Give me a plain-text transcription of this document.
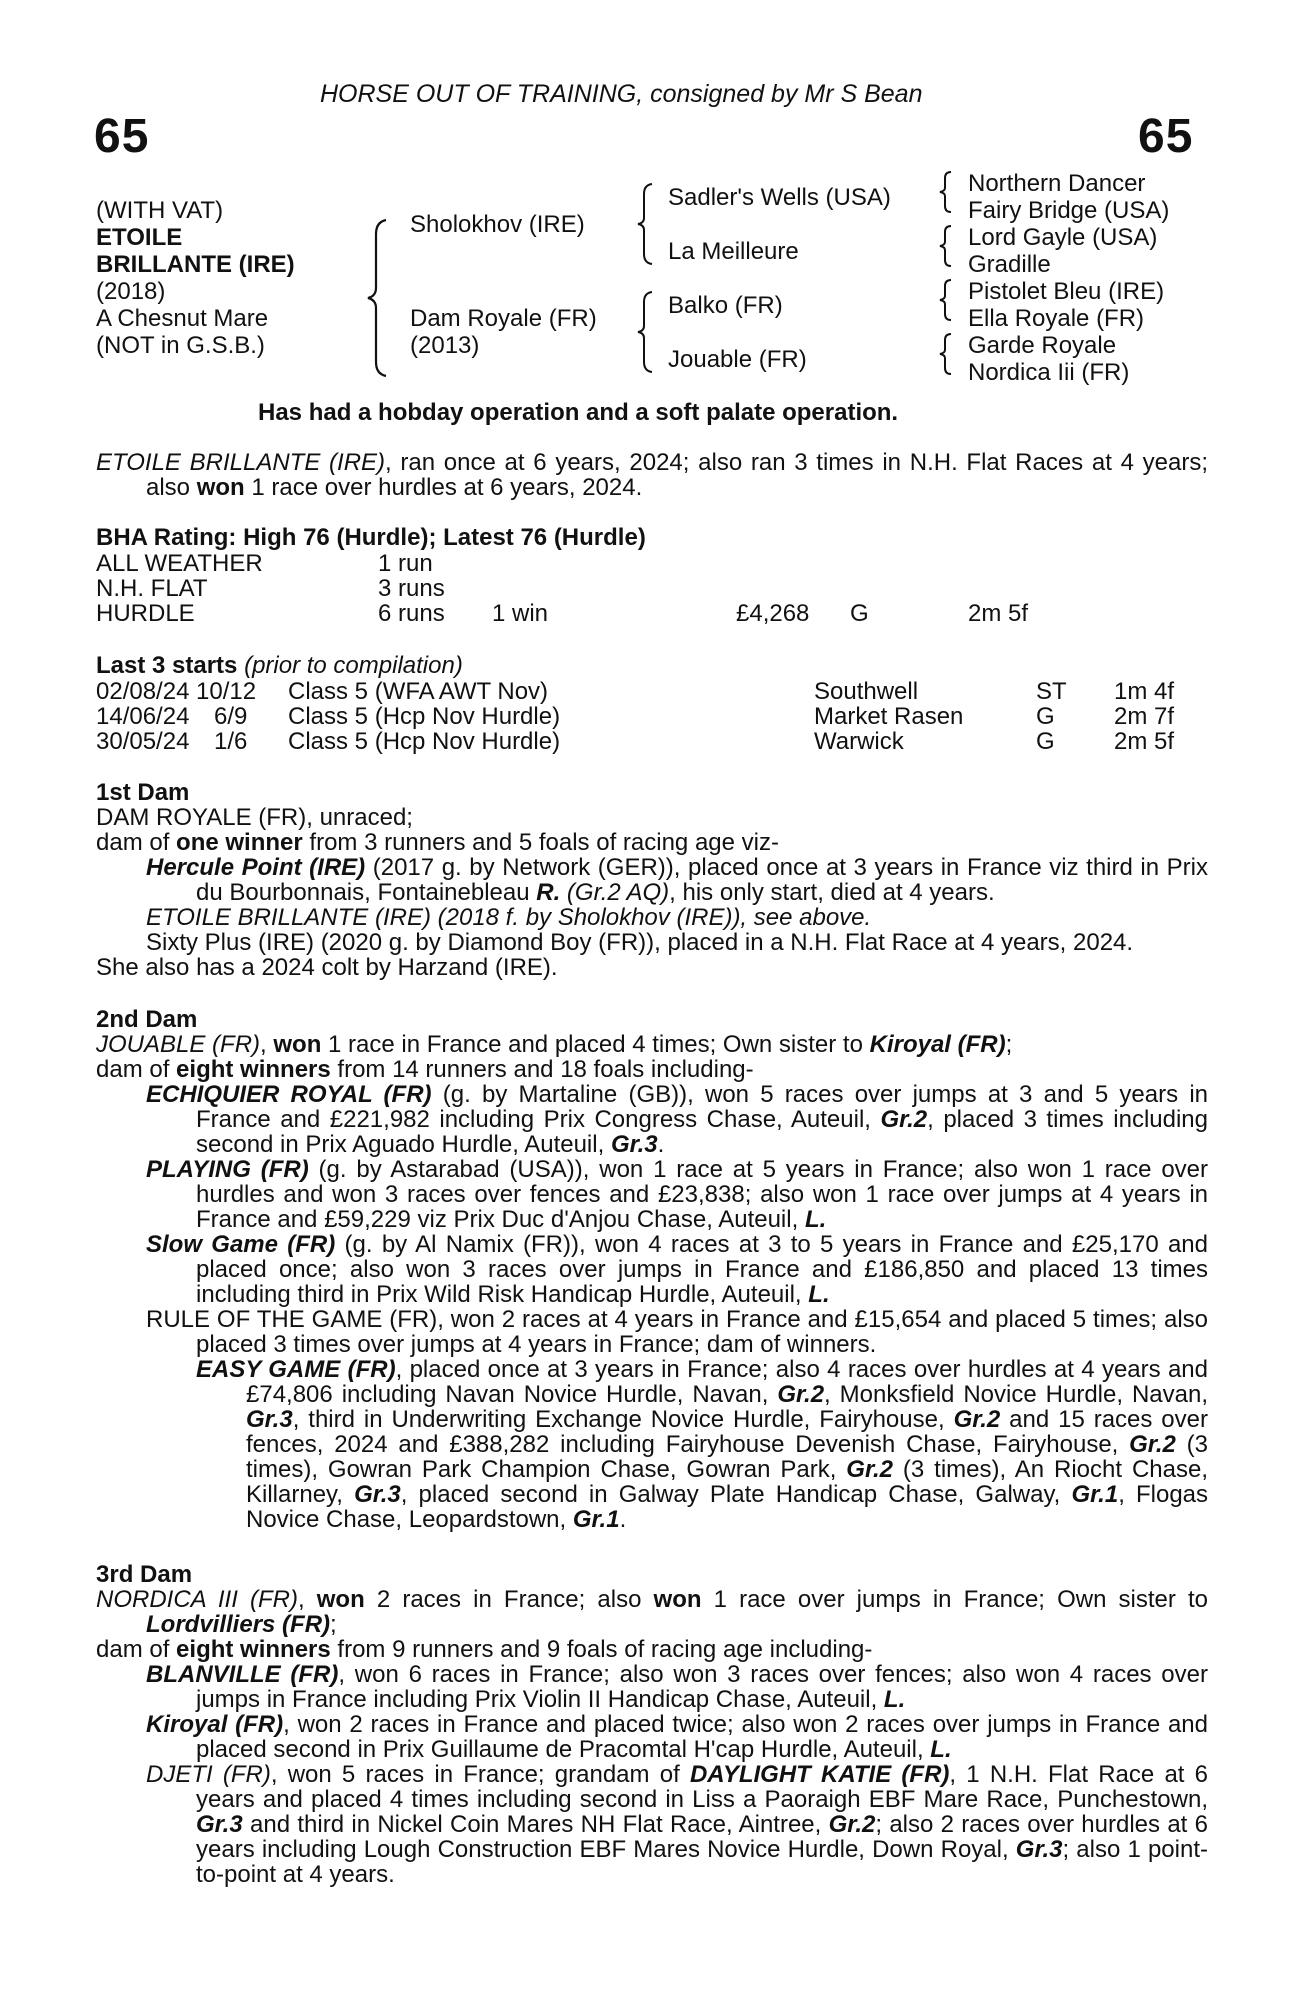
HORSE OUT OF TRAINING, consigned by Mr S Bean
65	65
(WITH VAT)
ETOILE
BRILLANTE (IRE)
(2018)
A Chesnut Mare
(NOT in G.S.B.)
Sholokhov (IRE)
Dam Royale (FR)
(2013)
Sadler's Wells (USA)
La Meilleure
Balko (FR)
Jouable (FR)
Northern Dancer
Fairy Bridge (USA)
Lord Gayle (USA)
Gradille
Pistolet Bleu (IRE)
Ella Royale (FR)
Garde Royale
Nordica Iii (FR)
Has had a hobday operation and a soft palate operation.

ETOILE BRILLANTE (IRE), ran once at 6 years, 2024; also ran 3 times in N.H. Flat Races at 4 years; also won 1 race over hurdles at 6 years, 2024.

BHA Rating: High 76 (Hurdle); Latest 76 (Hurdle)
ALL WEATHER	1 run
N.H. FLAT	3 runs
HURDLE	6 runs 1 win	£4,268 G	2m 5f
Last 3 starts (prior to compilation)
02/08/24 10/12 Class 5 (WFA AWT Nov)	Southwell	ST 1m 4f
14/06/24 6/9 Class 5 (Hcp Nov Hurdle)	Market Rasen	G 2m 7f
30/05/24 1/6 Class 5 (Hcp Nov Hurdle)	Warwick	G 2m 5f

1st Dam

DAM ROYALE (FR), unraced;

dam of one winner from 3 runners and 5 foals of racing age viz-

Hercule Point (IRE) (2017 g. by Network (GER)), placed once at 3 years in France viz third in Prix du Bourbonnais, Fontainebleau R. (Gr.2 AQ), his only start, died at 4 years.

ETOILE BRILLANTE (IRE) (2018 f. by Sholokhov (IRE)), see above.

Sixty Plus (IRE) (2020 g. by Diamond Boy (FR)), placed in a N.H. Flat Race at 4 years, 2024.

She also has a 2024 colt by Harzand (IRE).

2nd Dam

JOUABLE (FR), won 1 race in France and placed 4 times; Own sister to Kiroyal (FR);

dam of eight winners from 14 runners and 18 foals including-

ECHIQUIER ROYAL (FR) (g. by Martaline (GB)), won 5 races over jumps at 3 and 5 years in France and £221,982 including Prix Congress Chase, Auteuil, Gr.2, placed 3 times including second in Prix Aguado Hurdle, Auteuil, Gr.3.

PLAYING (FR) (g. by Astarabad (USA)), won 1 race at 5 years in France; also won 1 race over hurdles and won 3 races over fences and £23,838; also won 1 race over jumps at 4 years in France and £59,229 viz Prix Duc d'Anjou Chase, Auteuil, L.

Slow Game (FR) (g. by Al Namix (FR)), won 4 races at 3 to 5 years in France and £25,170 and placed once; also won 3 races over jumps in France and £186,850 and placed 13 times including third in Prix Wild Risk Handicap Hurdle, Auteuil, L.

RULE OF THE GAME (FR), won 2 races at 4 years in France and £15,654 and placed 5 times; also placed 3 times over jumps at 4 years in France; dam of winners.

EASY GAME (FR), placed once at 3 years in France; also 4 races over hurdles at 4 years and £74,806 including Navan Novice Hurdle, Navan, Gr.2, Monksfield Novice Hurdle, Navan, Gr.3, third in Underwriting Exchange Novice Hurdle, Fairyhouse, Gr.2 and 15 races over fences, 2024 and £388,282 including Fairyhouse Devenish Chase, Fairyhouse, Gr.2 (3 times), Gowran Park Champion Chase, Gowran Park, Gr.2 (3 times), An Riocht Chase, Killarney, Gr.3, placed second in Galway Plate Handicap Chase, Galway, Gr.1, Flogas Novice Chase, Leopardstown, Gr.1.

3rd Dam

NORDICA III (FR), won 2 races in France; also won 1 race over jumps in France; Own sister to Lordvilliers (FR);

dam of eight winners from 9 runners and 9 foals of racing age including-

BLANVILLE (FR), won 6 races in France; also won 3 races over fences; also won 4 races over jumps in France including Prix Violin II Handicap Chase, Auteuil, L.

Kiroyal (FR), won 2 races in France and placed twice; also won 2 races over jumps in France and placed second in Prix Guillaume de Pracomtal H'cap Hurdle, Auteuil, L.

DJETI (FR), won 5 races in France; grandam of DAYLIGHT KATIE (FR), 1 N.H. Flat Race at 6 years and placed 4 times including second in Liss a Paoraigh EBF Mare Race, Punchestown, Gr.3 and third in Nickel Coin Mares NH Flat Race, Aintree, Gr.2; also 2 races over hurdles at 6 years including Lough Construction EBF Mares Novice Hurdle, Down Royal, Gr.3; also 1 point-to-point at 4 years.
